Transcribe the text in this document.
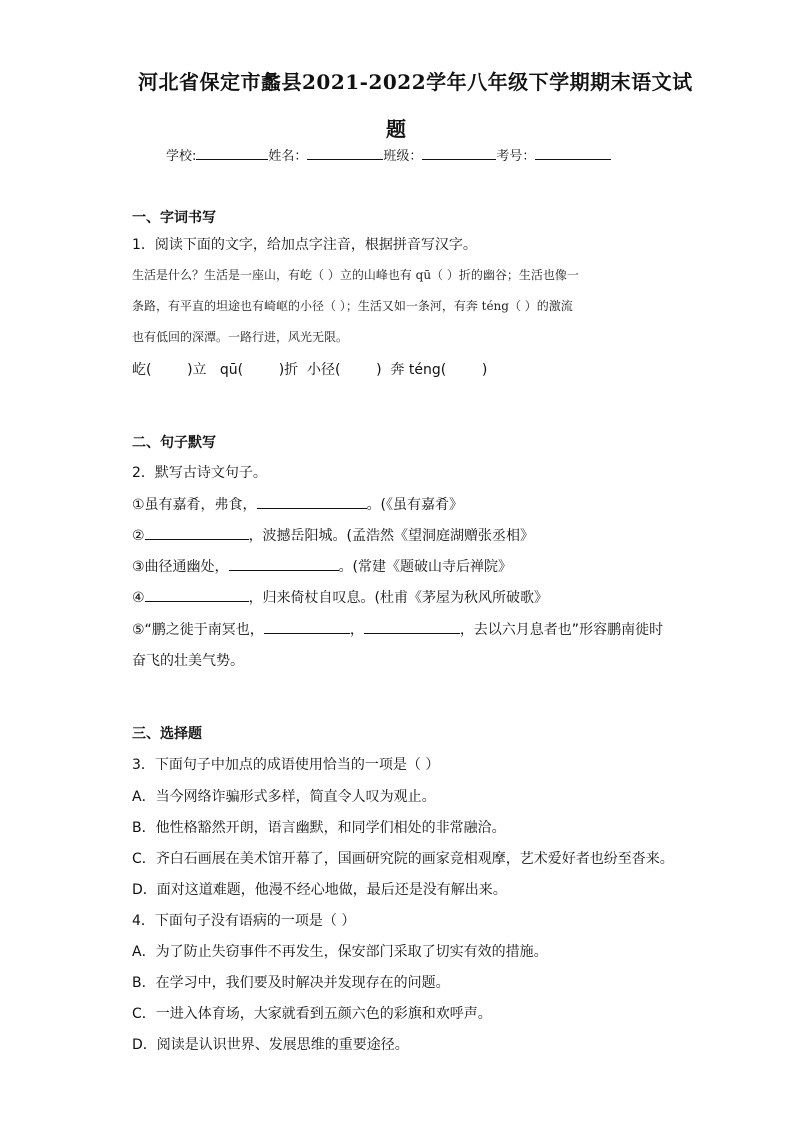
河北省保定市蠡县2021-2022学年八年级下学期期末语文试
题
学校:	姓名：	班级：	考号：
一、字词书写
1．阅读下面的文字，给加点字注音，根据拼音写汉字。
生活是什么？生活是一座山，有屹（ ）立的山峰也有 qū（ ）折的幽谷；生活也像一
条路，有平直的坦途也有崎岖的小径（ ）；生活又如一条河，有奔 téng（ ）的激流
也有低回的深潭。一路行进，风光无限。
屹(        )立   qū(        )折  小径(        )  奔 téng(        )
二、句子默写
2．默写古诗文句子。
①虽有嘉肴，弗食，	。(《虽有嘉肴》
②	，波撼岳阳城。(孟浩然《望洞庭湖赠张丞相》
③曲径通幽处，	。(常建《题破山寺后禅院》
④	，归来倚杖自叹息。(杜甫《茅屋为秋风所破歌》
⑤“鹏之徙于南冥也，	，	，去以六月息者也”形容鹏南徙时
奋飞的壮美气势。
三、选择题
3．下面句子中加点的成语使用恰当的一项是（ ）
A．当今网络诈骗形式多样，简直令人叹为观止。
B．他性格豁然开朗，语言幽默，和同学们相处的非常融洽。
C．齐白石画展在美术馆开幕了，国画研究院的画家竞相观摩，艺术爱好者也纷至沓来。
D．面对这道难题，他漫不经心地做，最后还是没有解出来。
4．下面句子没有语病的一项是（ ）
A．为了防止失窃事件不再发生，保安部门采取了切实有效的措施。
B．在学习中，我们要及时解决并发现存在的问题。
C．一进入体育场，大家就看到五颜六色的彩旗和欢呼声。
D．阅读是认识世界、发展思维的重要途径。
